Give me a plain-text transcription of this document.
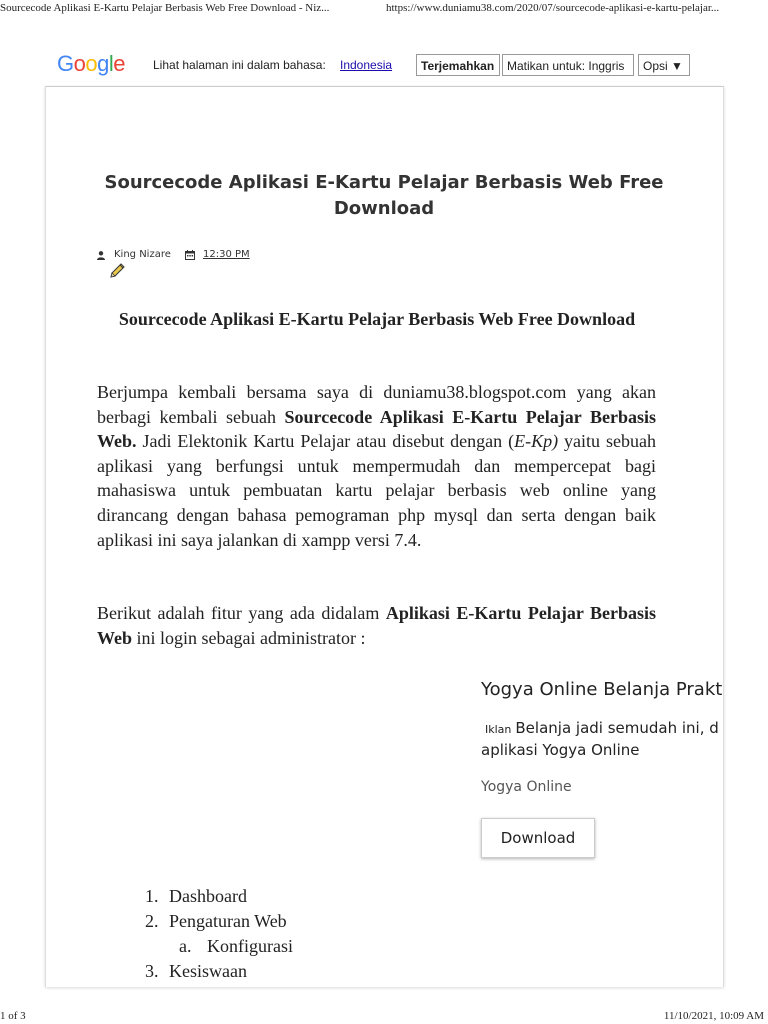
Sourcecode Aplikasi E-Kartu Pelajar Berbasis Web Free Download - Niz...	https://www.duniamu38.com/2020/07/sourcecode-aplikasi-e-kartu-pelajar...
Google Lihat halaman ini dalam bahasa: Indonesia	Terjemahkan	Matikan untuk: Inggris	Opsi ▼
Sourcecode Aplikasi E-Kartu Pelajar Berbasis Web Free Download
King Nizare	12:30 PM
Sourcecode Aplikasi E-Kartu Pelajar Berbasis Web Free Download
Berjumpa kembali bersama saya di duniamu38.blogspot.com yang akan berbagi kembali sebuah Sourcecode Aplikasi E-Kartu Pelajar Berbasis Web. Jadi Elektonik Kartu Pelajar atau disebut dengan (E-Kp) yaitu sebuah aplikasi yang berfungsi untuk mempermudah dan mempercepat bagi mahasiswa untuk pembuatan kartu pelajar berbasis web online yang dirancang dengan bahasa pemograman php mysql dan serta dengan baik aplikasi ini saya jalankan di xampp versi 7.4.
Berikut adalah fitur yang ada didalam Aplikasi E-Kartu Pelajar Berbasis Web ini login sebagai administrator :
Yogya Online Belanja Prakt
Iklan Belanja jadi semudah ini, d
aplikasi Yogya Online
Yogya Online
Download
1. Dashboard
2. Pengaturan Web
a. Konfigurasi
3. Kesiswaan
1 of 3	11/10/2021, 10:09 AM
